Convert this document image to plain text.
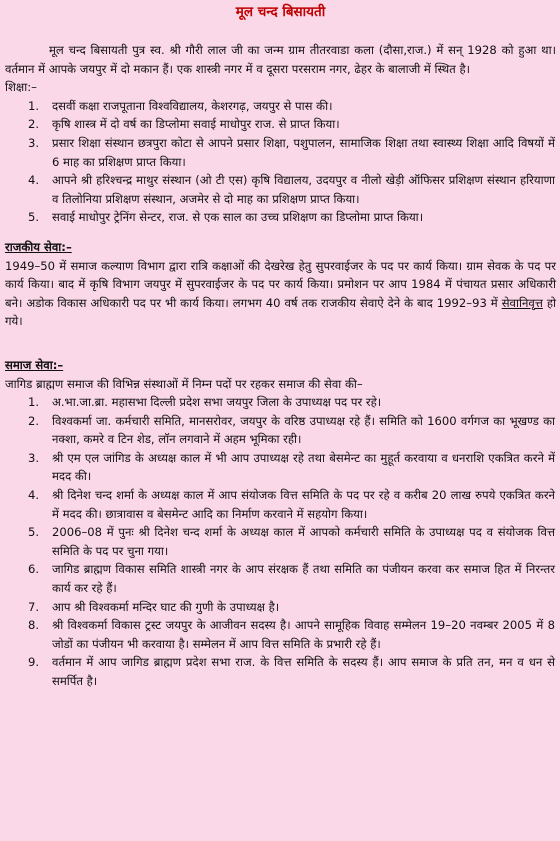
मूल चन्द बिसायती

मूल चन्द बिसायती पुत्र स्व. श्री गौरी लाल जी का जन्म ग्राम तीतरवाडा कला (दौसा,राज.) में सन् 1928 को हुआ था। वर्तमान में आपके जयपुर में दो मकान हैं। एक शास्त्री नगर में व दूसरा परसराम नगर, ढेहर के बालाजी में स्थित है।

शिक्षा:–

1.	दसवीं कक्षा राजपूताना विश्वविद्यालय, केशरगढ़, जयपुर से पास की।
2.	कृषि शास्त्र में दो वर्ष का डिप्लोमा सवाई माधोपुर राज. से प्राप्त किया।
3.	प्रसार शिक्षा संस्थान छत्रपुरा कोटा से आपने प्रसार शिक्षा, पशुपालन, सामाजिक शिक्षा तथा स्वास्थ्य शिक्षा आदि विषयों में 6 माह का प्रशिक्षण प्राप्त किया।
4.	आपने श्री हरिश्चन्द्र माथुर संस्थान (ओ टी एस) कृषि विद्यालय, उदयपुर व नीलो खेड़ी ऑफिसर प्रशिक्षण संस्थान हरियाणा व तिलोनिया प्रशिक्षण संस्थान, अजमेर से दो माह का प्रशिक्षण प्राप्त किया।
5.	सवाई माधोपुर ट्रेनिंग सेन्टर, राज. से एक साल का उच्च प्रशिक्षण का डिप्लोमा प्राप्त किया।

राजकीय सेवा:–

1949–50 में समाज कल्याण विभाग द्वारा रात्रि कक्षाओं की देखरेख हेतु सुपरवाईजर के पद पर कार्य किया। ग्राम सेवक के पद पर कार्य किया। बाद में कृषि विभाग जयपुर में सुपरवाईजर के पद पर कार्य किया। प्रमोशन पर आप 1984 में पंचायत प्रसार अधिकारी बने। अडोक विकास अधिकारी पद पर भी कार्य किया। लगभग 40 वर्ष तक राजकीय सेवाऐ देने के बाद 1992–93 में सेवानिवृत्त हो गये।

समाज सेवा:–

जागिड ब्राह्मण समाज की विभिन्न संस्थाओं में निम्न पदों पर रहकर समाज की सेवा की–

1.	अ.भा.जा.ब्रा. महासभा दिल्ली प्रदेश सभा जयपुर जिला के उपाध्यक्ष पद पर रहे।
2.	विश्वकर्मा जा. कर्मचारी समिति, मानसरोवर, जयपुर के वरिष्ठ उपाध्यक्ष रहे हैं। समिति को 1600 वर्गगज का भूखण्ड का नक्शा, कमरे व टिन शेड, लॉन लगवाने में अहम भूमिका रही।
3.	श्री एम एल जांगिड के अध्यक्ष काल में भी आप उपाध्यक्ष रहे तथा बेसमेन्ट का मुहूर्त करवाया व धनराशि एकत्रित करने में मदद की।
4.	श्री दिनेश चन्द शर्मा के अध्यक्ष काल में आप संयोजक वित्त समिति के पद पर रहे व करीब 20 लाख रुपये एकत्रित करने में मदद की। छात्रावास व बेसमेन्ट आदि का निर्माण करवाने में सहयोग किया।
5.	2006–08 में पुनः श्री दिनेश चन्द शर्मा के अध्यक्ष काल में आपको कर्मचारी समिति के उपाध्यक्ष पद व संयोजक वित्त समिति के पद पर चुना गया।
6.	जागिड ब्राह्मण विकास समिति शास्त्री नगर के आप संरक्षक हैं तथा समिति का पंजीयन करवा कर समाज हित में निरन्तर कार्य कर रहे हैं।
7.	आप श्री विश्वकर्मा मन्दिर घाट की गुणी के उपाध्यक्ष है।
8.	श्री विश्वकर्मा विकास ट्रस्ट जयपुर के आजीवन सदस्य है। आपने सामूहिक विवाह सम्मेलन 19–20 नवम्बर 2005 में 8 जोडों का पंजीयन भी करवाया है। सम्मेलन में आप वित्त समिति के प्रभारी रहे हैं।
9.	वर्तमान में आप जागिड ब्राह्मण प्रदेश सभा राज. के वित्त समिति के सदस्य हैं। आप समाज के प्रति तन, मन व धन से समर्पित है।
